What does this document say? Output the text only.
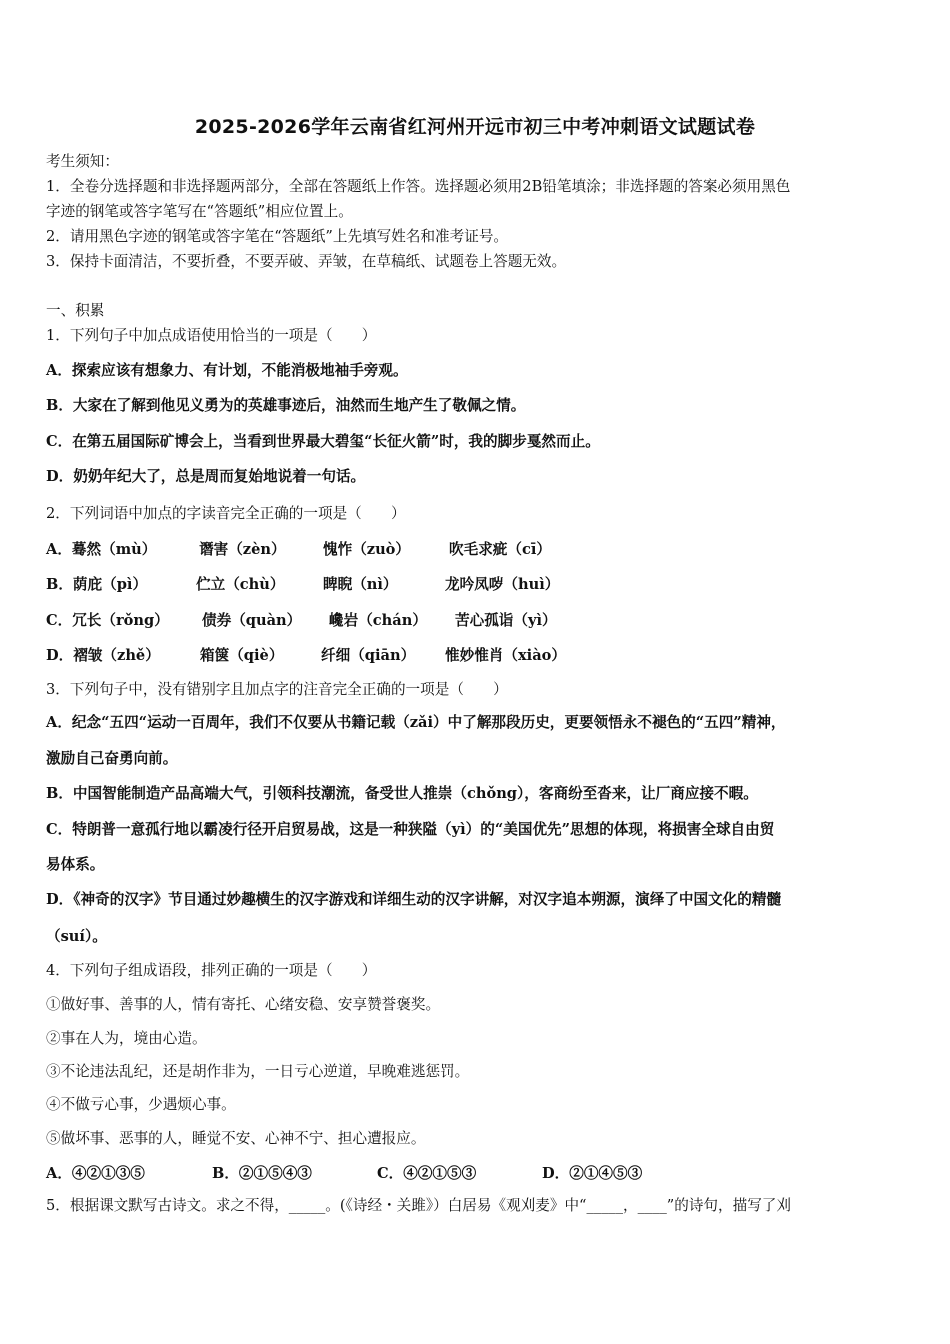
2025-2026学年云南省红河州开远市初三中考冲刺语文试题试卷
考生须知：
1．全卷分选择题和非选择题两部分，全部在答题纸上作答。选择题必须用2B铅笔填涂；非选择题的答案必须用黑色
字迹的钢笔或答字笔写在“答题纸”相应位置上。
2．请用黑色字迹的钢笔或答字笔在“答题纸”上先填写姓名和准考证号。
3．保持卡面清洁，不要折叠，不要弄破、弄皱，在草稿纸、试题卷上答题无效。
一、积累
1．下列句子中加点成语使用恰当的一项是（　　）
A．探索应该有想象力、有计划，不能消极地袖手旁观。
B．大家在了解到他见义勇为的英雄事迹后，油然而生地产生了敬佩之情。
C．在第五届国际矿博会上，当看到世界最大碧玺“长征火箭”时，我的脚步戛然而止。
D．奶奶年纪大了，总是周而复始地说着一句话。
2．下列词语中加点的字读音完全正确的一项是（　　）
A．蓦然（mù）	谮害（zèn）	愧怍（zuò）	吹毛求疵（cī）
B．荫庇（pì）	伫立（chù）	睥睨（nì）	龙吟凤哕（huì）
C．冗长（rǒng） 债券（quàn） 巉岩（chán） 苦心孤诣（yì）
D．褶皱（zhě）	箱箧（qiè）	纤细（qiān） 惟妙惟肖（xiào）
3．下列句子中，没有错别字且加点字的注音完全正确的一项是（　　）
A．纪念“五四“运动一百周年，我们不仅要从书籍记载（zǎi）中了解那段历史，更要领悟永不褪色的“五四”精神，
激励自己奋勇向前。
B．中国智能制造产品高端大气，引领科技潮流，备受世人推崇（chǒng），客商纷至沓来，让厂商应接不暇。
C．特朗普一意孤行地以霸凌行径开启贸易战，这是一种狭隘（yì）的“美国优先”思想的体现，将损害全球自由贸
易体系。
D．《神奇的汉字》节目通过妙趣横生的汉字游戏和详细生动的汉字讲解，对汉字追本朔源，演绎了中国文化的精髓
（suí）。
4．下列句子组成语段，排列正确的一项是（　　）
①做好事、善事的人，情有寄托、心绪安稳、安享赞誉褒奖。
②事在人为，境由心造。
③不论违法乱纪，还是胡作非为，一日亏心逆道，早晚难逃惩罚。
④不做亏心事，少遇烦心事。
⑤做坏事、恶事的人，睡觉不安、心神不宁、担心遭报应。
A．④②①③⑤	B．②①⑤④③	C．④②①⑤③	D．②①④⑤③
5．根据课文默写古诗文。求之不得，_____。(《诗经・关雎》）白居易《观刈麦》中“_____，____”的诗句，描写了刈
